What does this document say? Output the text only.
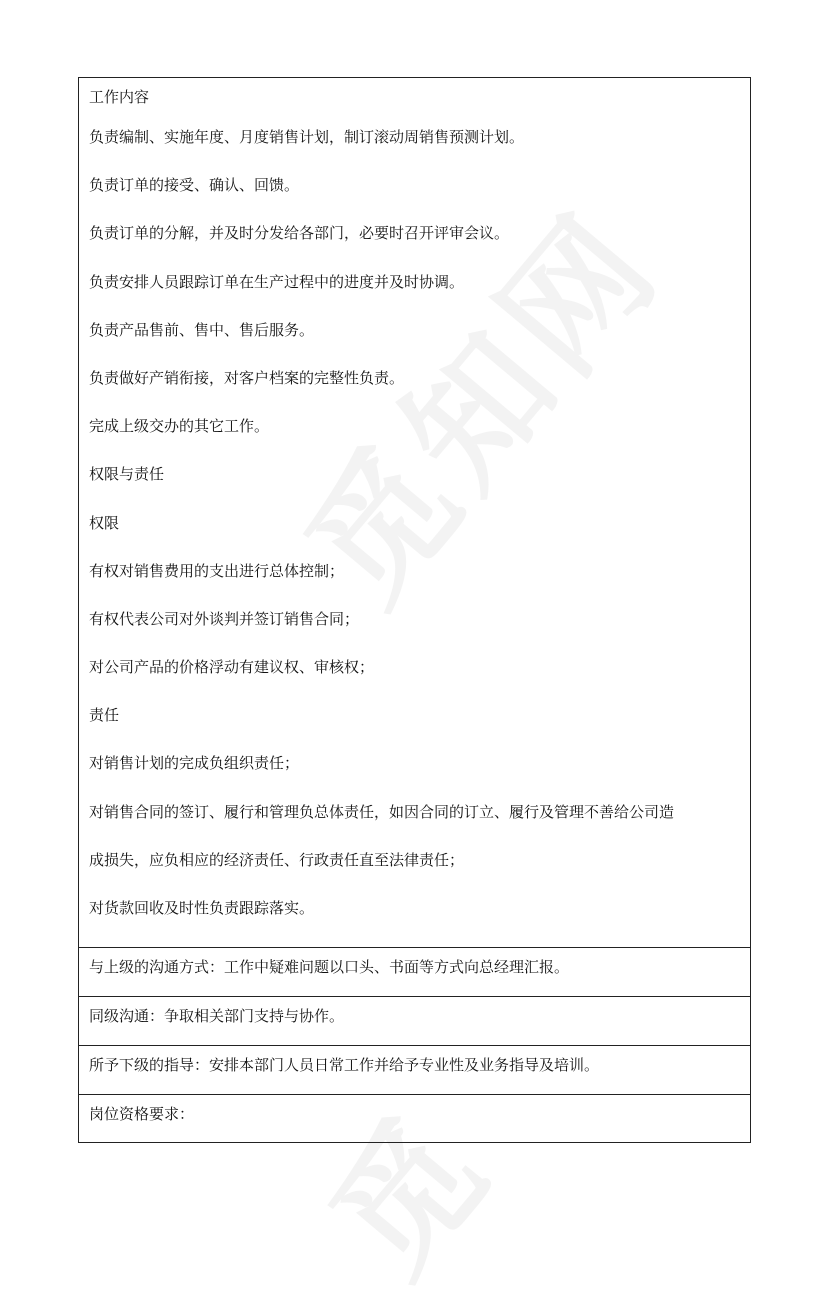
工作内容
负责编制、实施年度、月度销售计划，制订滚动周销售预测计划。
负责订单的接受、确认、回馈。
负责订单的分解，并及时分发给各部门，必要时召开评审会议。
负责安排人员跟踪订单在生产过程中的进度并及时协调。
负责产品售前、售中、售后服务。
负责做好产销衔接，对客户档案的完整性负责。
完成上级交办的其它工作。
权限与责任
权限
有权对销售费用的支出进行总体控制；
有权代表公司对外谈判并签订销售合同；
对公司产品的价格浮动有建议权、审核权；
责任
对销售计划的完成负组织责任；
对销售合同的签订、履行和管理负总体责任，如因合同的订立、履行及管理不善给公司造
成损失，应负相应的经济责任、行政责任直至法律责任；
对货款回收及时性负责跟踪落实。
与上级的沟通方式：工作中疑难问题以口头、书面等方式向总经理汇报。
同级沟通：争取相关部门支持与协作。
所予下级的指导：安排本部门人员日常工作并给予专业性及业务指导及培训。
岗位资格要求：
